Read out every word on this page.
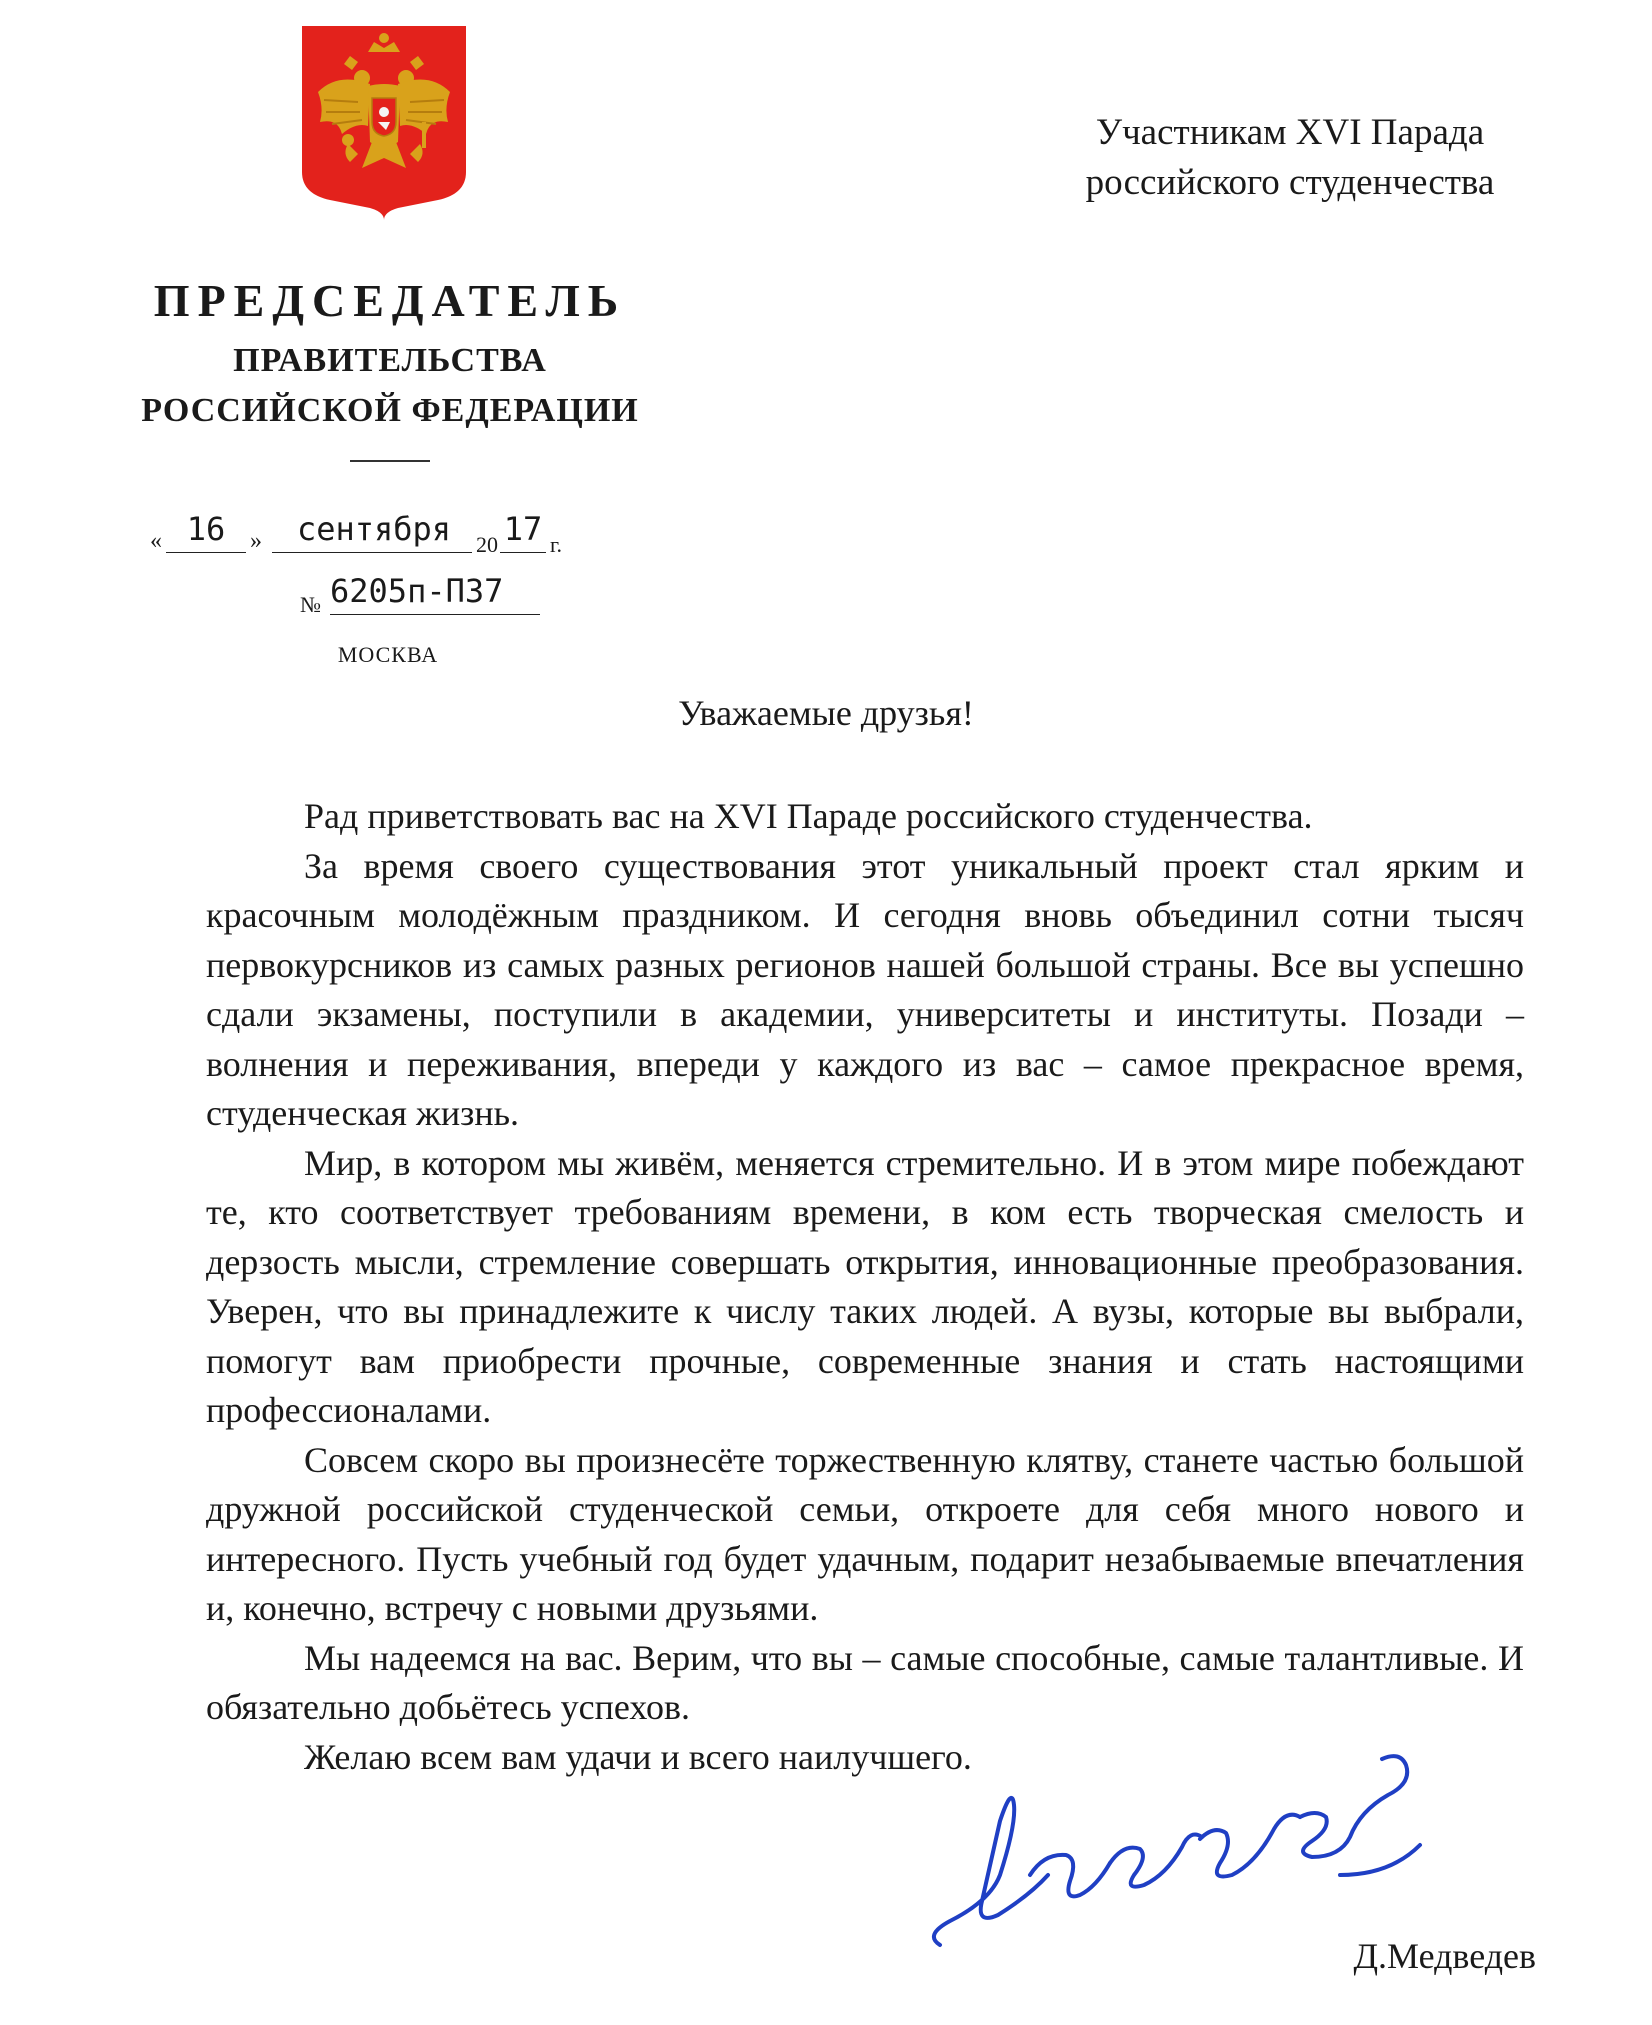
Участникам XVI Парада
российского студенчества
ПРЕДСЕДАТЕЛЬ
ПРАВИТЕЛЬСТВА
РОССИЙСКОЙ ФЕДЕРАЦИИ
« 16	»	сентября	20 17 г.
№ 6205п-П37
МОСКВА
Уважаемые друзья!

Рад приветствовать вас на XVI Параде российского студенчества.

За время своего существования этот уникальный проект стал ярким и красочным молодёжным праздником. И сегодня вновь объединил сотни тысяч первокурсников из самых разных регионов нашей большой страны. Все вы успешно сдали экзамены, поступили в академии, университеты и институты. Позади – волнения и переживания, впереди у каждого из вас – самое прекрасное время, студенческая жизнь.

Мир, в котором мы живём, меняется стремительно. И в этом мире побеждают те, кто соответствует требованиям времени, в ком есть творческая смелость и дерзость мысли, стремление совершать открытия, инновационные преобразования. Уверен, что вы принадлежите к числу таких людей. А вузы, которые вы выбрали, помогут вам приобрести прочные, современные знания и стать настоящими профессионалами.

Совсем скоро вы произнесёте торжественную клятву, станете частью большой дружной российской студенческой семьи, откроете для себя много нового и интересного. Пусть учебный год будет удачным, подарит незабываемые впечатления и, конечно, встречу с новыми друзьями.

Мы надеемся на вас. Верим, что вы – самые способные, самые талантливые. И обязательно добьётесь успехов.

Желаю всем вам удачи и всего наилучшего.

Д.Медведев
